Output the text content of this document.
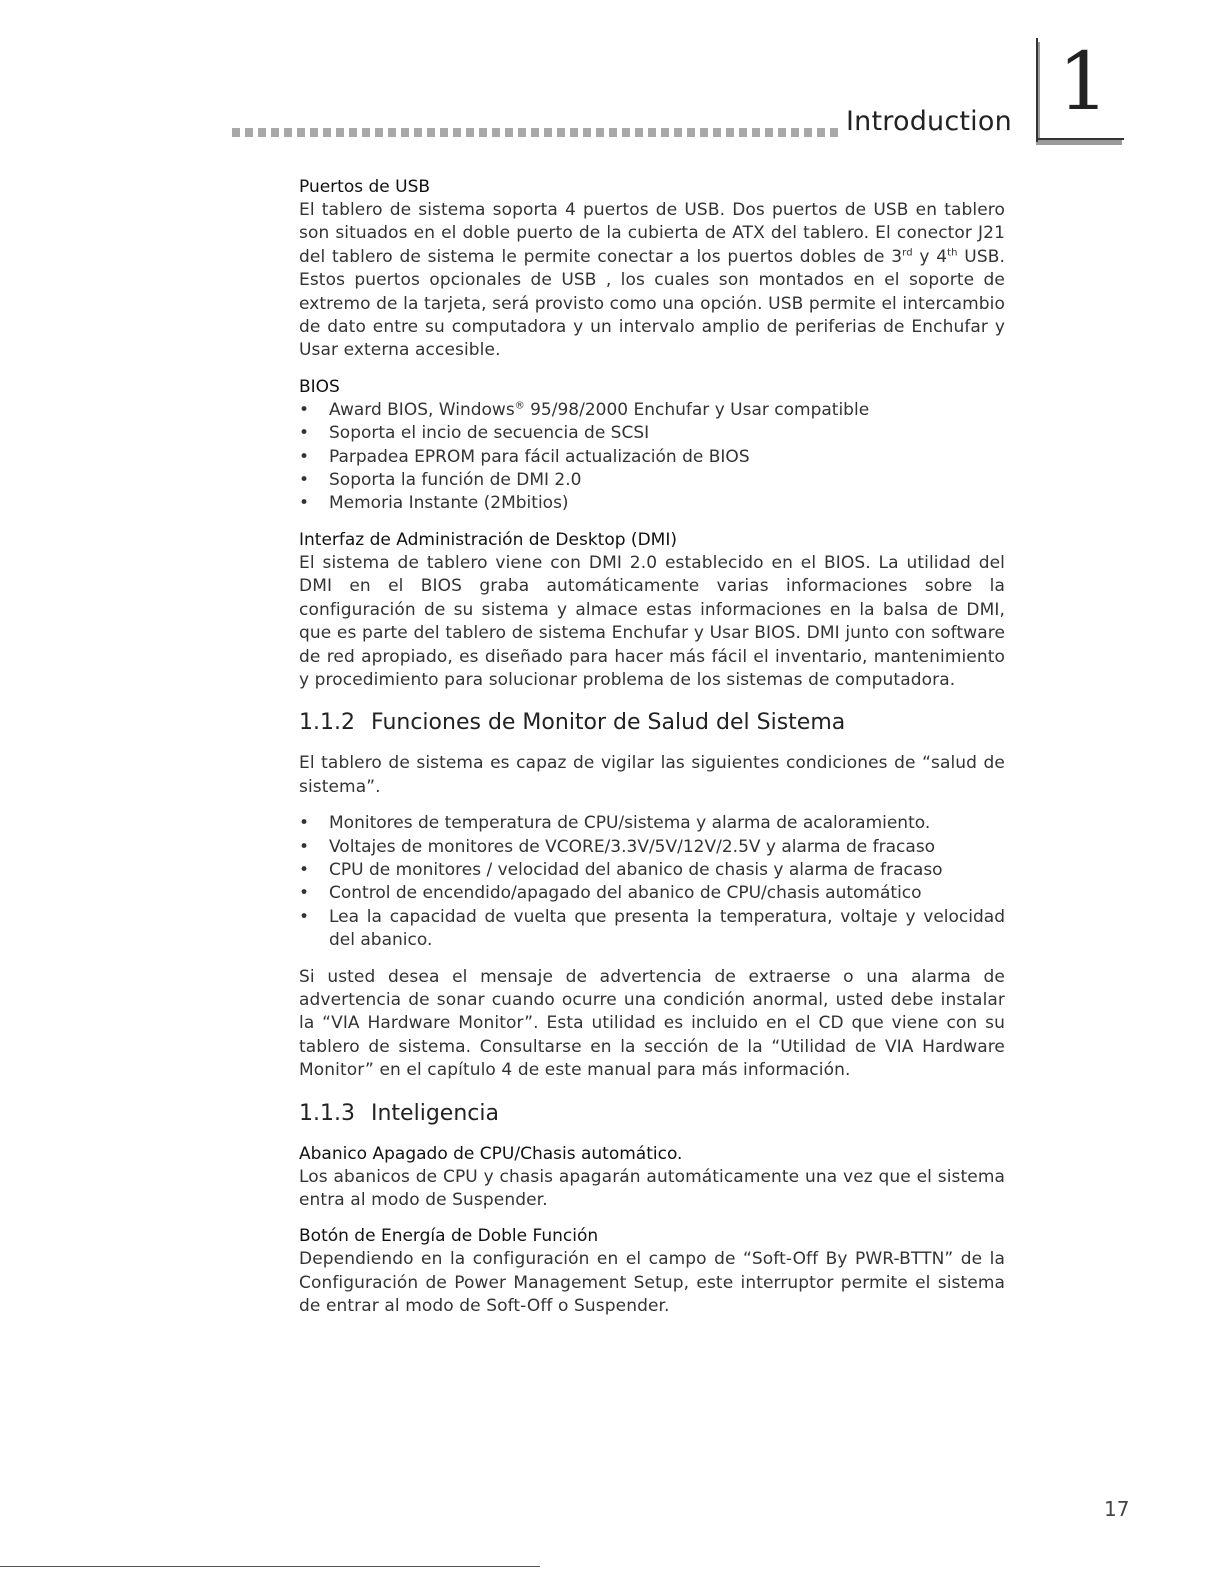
Introduction 1

Puertos de USB

El tablero de sistema soporta 4 puertos de USB. Dos puertos de USB en tablero son situados en el doble puerto de la cubierta de ATX del tablero. El conector J21 del tablero de sistema le permite conectar a los puertos dobles de 3rd y 4th USB. Estos puertos opcionales de USB , los cuales son montados en el soporte de extremo de la tarjeta, será provisto como una opción. USB permite el intercambio de dato entre su computadora y un intervalo amplio de periferias de Enchufar y Usar externa accesible.

BIOS

• Award BIOS, Windows® 95/98/2000 Enchufar y Usar compatible
• Soporta el incio de secuencia de SCSI
• Parpadea EPROM para fácil actualización de BIOS
• Soporta la función de DMI 2.0
• Memoria Instante (2Mbitios)

Interfaz de Administración de Desktop (DMI)

El sistema de tablero viene con DMI 2.0 establecido en el BIOS. La utilidad del DMI en el BIOS graba automáticamente varias informaciones sobre la configuración de su sistema y almace estas informaciones en la balsa de DMI, que es parte del tablero de sistema Enchufar y Usar BIOS. DMI junto con software de red apropiado, es diseñado para hacer más fácil el inventario, mantenimiento y procedimiento para solucionar problema de los sistemas de computadora.

1.1.2 Funciones de Monitor de Salud del Sistema

El tablero de sistema es capaz de vigilar las siguientes condiciones de “salud de sistema”.

• Monitores de temperatura de CPU/sistema y alarma de acaloramiento.
• Voltajes de monitores de VCORE/3.3V/5V/12V/2.5V y alarma de fracaso
• CPU de monitores / velocidad del abanico de chasis y alarma de fracaso
• Control de encendido/apagado del abanico de CPU/chasis automático
• Lea la capacidad de vuelta que presenta la temperatura, voltaje y velocidad del abanico.

Si usted desea el mensaje de advertencia de extraerse o una alarma de advertencia de sonar cuando ocurre una condición anormal, usted debe instalar la “VIA Hardware Monitor”. Esta utilidad es incluido en el CD que viene con su tablero de sistema. Consultarse en la sección de la “Utilidad de VIA Hardware Monitor” en el capítulo 4 de este manual para más información.

1.1.3 Inteligencia

Abanico Apagado de CPU/Chasis automático.

Los abanicos de CPU y chasis apagarán automáticamente una vez que el sistema entra al modo de Suspender.

Botón de Energía de Doble Función

Dependiendo en la configuración en el campo de “Soft-Off By PWR-BTTN” de la Configuración de Power Management Setup, este interruptor permite el sistema de entrar al modo de Soft-Off o Suspender.

17
